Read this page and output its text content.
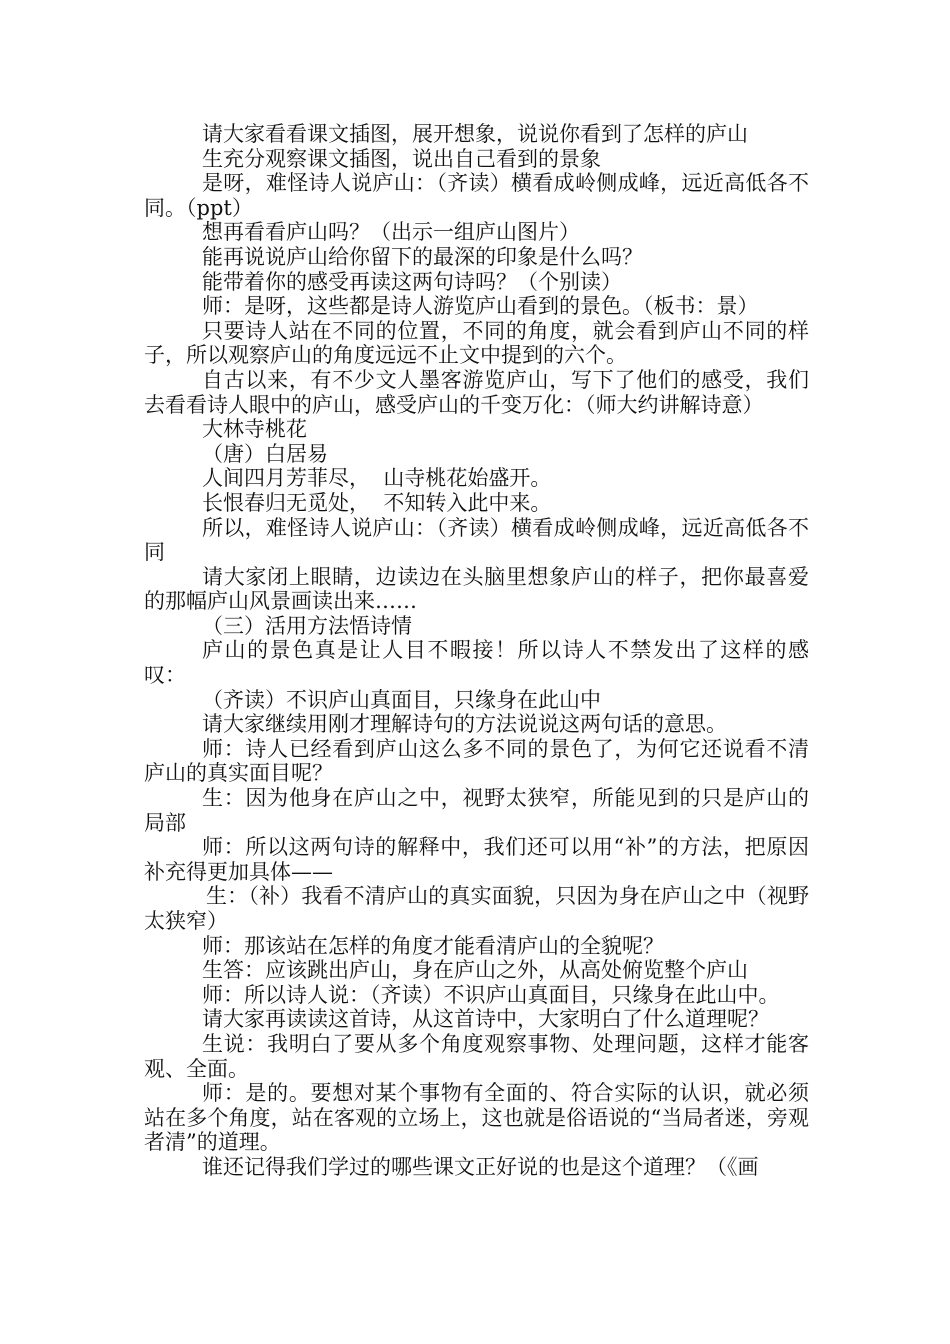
请大家看看课文插图，展开想象，说说你看到了怎样的庐山

生充分观察课文插图，说出自己看到的景象

是呀，难怪诗人说庐山：（齐读）横看成岭侧成峰，远近高低各不同。（ppt）

想再看看庐山吗？（出示一组庐山图片）

能再说说庐山给你留下的最深的印象是什么吗？

能带着你的感受再读这两句诗吗？（个别读）

师：是呀，这些都是诗人游览庐山看到的景色。（板书：景）

只要诗人站在不同的位置，不同的角度，就会看到庐山不同的样子，所以观察庐山的角度远远不止文中提到的六个。

自古以来，有不少文人墨客游览庐山，写下了他们的感受，我们去看看诗人眼中的庐山，感受庐山的千变万化：（师大约讲解诗意）

大林寺桃花

（唐）白居易

人间四月芳菲尽，  山寺桃花始盛开。

长恨春归无觅处，  不知转入此中来。

所以，难怪诗人说庐山：（齐读）横看成岭侧成峰，远近高低各不同

请大家闭上眼睛，边读边在头脑里想象庐山的样子，把你最喜爱的那幅庐山风景画读出来……

（三）活用方法悟诗情

庐山的景色真是让人目不暇接！所以诗人不禁发出了这样的感叹：

（齐读）不识庐山真面目，只缘身在此山中

请大家继续用刚才理解诗句的方法说说这两句话的意思。

师：诗人已经看到庐山这么多不同的景色了，为何它还说看不清庐山的真实面目呢？

生：因为他身在庐山之中，视野太狭窄，所能见到的只是庐山的局部

师：所以这两句诗的解释中，我们还可以用“补”的方法，把原因补充得更加具体——

生：（补）我看不清庐山的真实面貌，只因为身在庐山之中（视野太狭窄）

师：那该站在怎样的角度才能看清庐山的全貌呢？

生答：应该跳出庐山，身在庐山之外，从高处俯览整个庐山

师：所以诗人说：（齐读）不识庐山真面目，只缘身在此山中。

请大家再读读这首诗，从这首诗中，大家明白了什么道理呢？

生说：我明白了要从多个角度观察事物、处理问题，这样才能客观、全面。

师：是的。要想对某个事物有全面的、符合实际的认识，就必须站在多个角度，站在客观的立场上，这也就是俗语说的“当局者迷，旁观者清”的道理。

谁还记得我们学过的哪些课文正好说的也是这个道理？（《画
